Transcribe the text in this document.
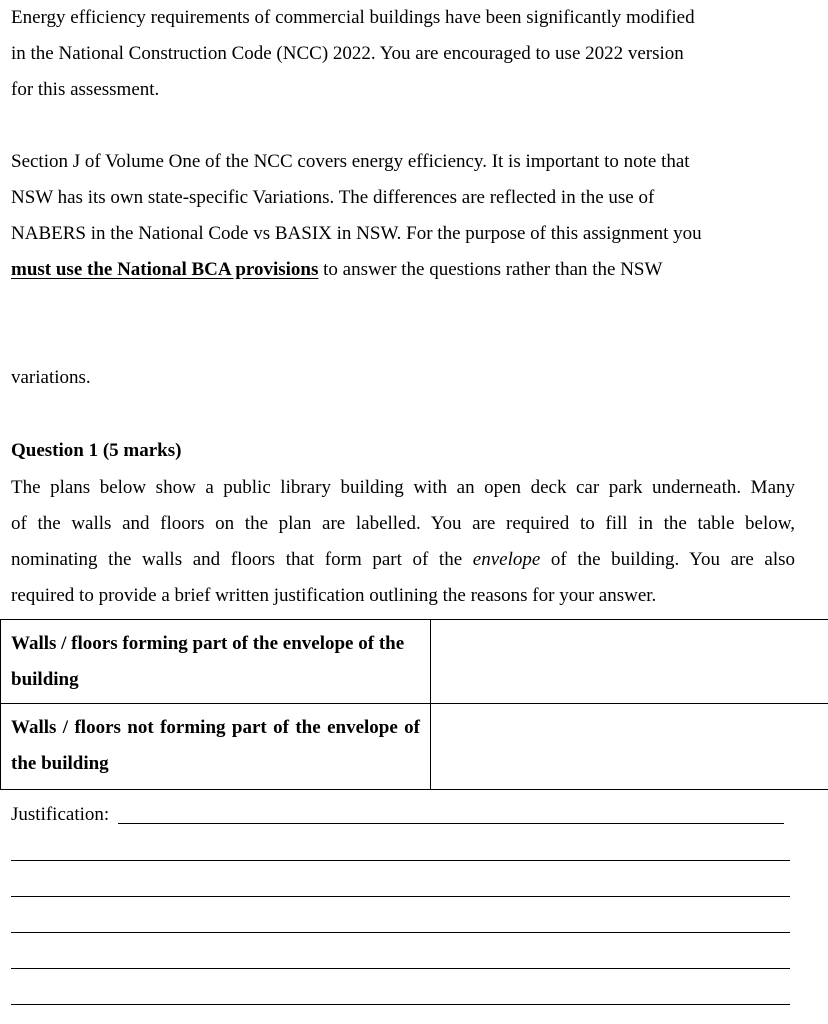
Energy efficiency requirements of commercial buildings have been significantly modified
in the National Construction Code (NCC) 2022. You are encouraged to use 2022 version
for this assessment.
Section J of Volume One of the NCC covers energy efficiency. It is important to note that
NSW has its own state-specific Variations. The differences are reflected in the use of
NABERS in the National Code vs BASIX in NSW. For the purpose of this assignment you
must use the National BCA provisions to answer the questions rather than the NSW
variations.
Question 1 (5 marks)
The plans below show a public library building with an open deck car park underneath. Many
of the walls and floors on the plan are labelled. You are required to fill in the table below,
nominating the walls and floors that form part of the envelope of the building. You are also
required to provide a brief written justification outlining the reasons for your answer.
Walls / floors forming part of the envelope of the building	
Walls / floors not forming part of the envelope of the building	
Justification:
